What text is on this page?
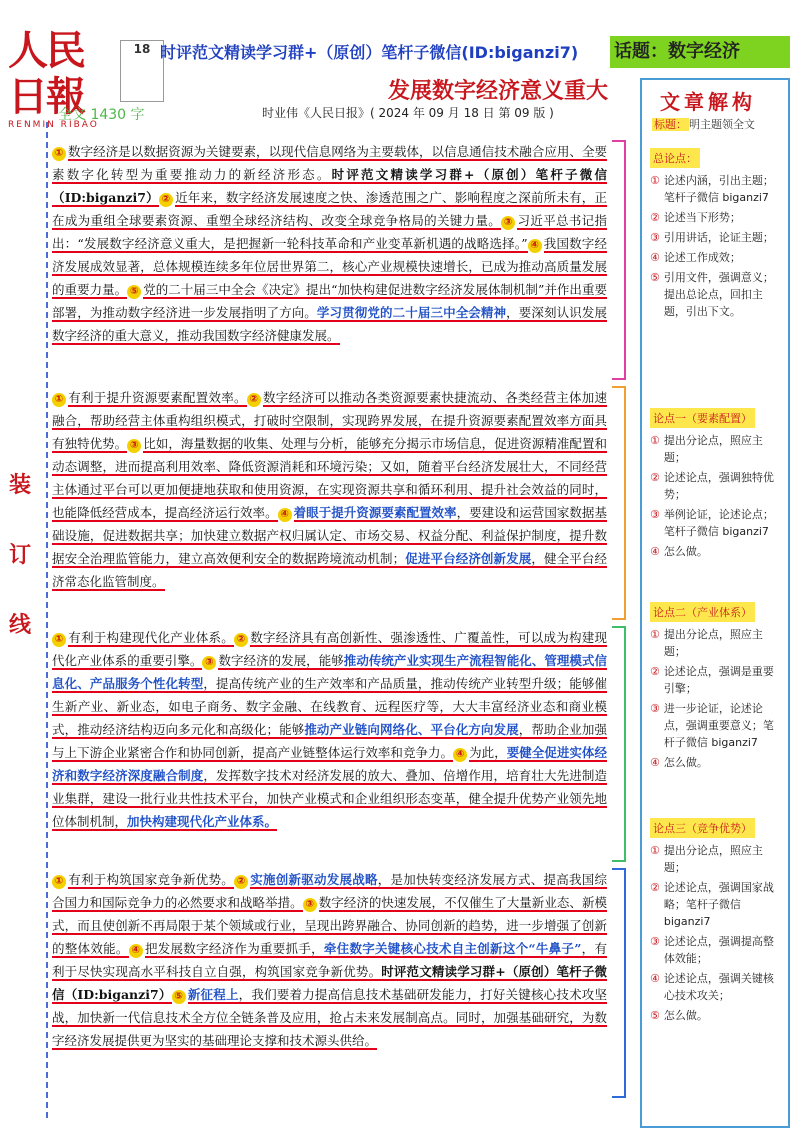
人民日報
RENMIN RIBAO
18 时评范文精读学习群+（原创）笔杆子微信(ID:biganzi7) 话题：数字经济
发展数字经济意义重大
全文 1430 字	时业伟《人民日报》( 2024 年 09 月 18 日 第 09 版 )
装
订
线
① 数字经济是以数据资源为关键要素，以现代信息网络为主要载体，以信息通信技术融合应用、全要素数字化转型为重要推动力的新经济形态。时评范文精读学习群+（原创）笔杆子微信（ID:biganzi7） ② 近年来，数字经济发展速度之快、渗透范围之广、影响程度之深前所未有，正在成为重组全球要素资源、重塑全球经济结构、改变全球竞争格局的关键力量。 ③ 习近平总书记指出：“发展数字经济意义重大，是把握新一轮科技革命和产业变革新机遇的战略选择。” ④ 我国数字经济发展成效显著，总体规模连续多年位居世界第二，核心产业规模快速增长，已成为推动高质量发展的重要力量。 ⑤ 党的二十届三中全会《决定》提出“加快构建促进数字经济发展体制机制”并作出重要部署，为推动数字经济进一步发展指明了方向。学习贯彻党的二十届三中全会精神，要深刻认识发展数字经济的重大意义，推动我国数字经济健康发展。
① 有利于提升资源要素配置效率。 ② 数字经济可以推动各类资源要素快捷流动、各类经营主体加速融合，帮助经营主体重构组织模式，打破时空限制，实现跨界发展，在提升资源要素配置效率方面具有独特优势。 ③ 比如，海量数据的收集、处理与分析，能够充分揭示市场信息，促进资源精准配置和动态调整，进而提高利用效率、降低资源消耗和环境污染；又如，随着平台经济发展壮大，不同经营主体通过平台可以更加便捷地获取和使用资源，在实现资源共享和循环利用、提升社会效益的同时，也能降低经营成本，提高经济运行效率。 ④ 着眼于提升资源要素配置效率，要建设和运营国家数据基础设施，促进数据共享；加快建立数据产权归属认定、市场交易、权益分配、利益保护制度，提升数据安全治理监管能力，建立高效便利安全的数据跨境流动机制；促进平台经济创新发展，健全平台经济常态化监管制度。
① 有利于构建现代化产业体系。 ② 数字经济具有高创新性、强渗透性、广覆盖性，可以成为构建现代化产业体系的重要引擎。 ③ 数字经济的发展，能够推动传统产业实现生产流程智能化、管理模式信息化、产品服务个性化转型，提高传统产业的生产效率和产品质量，推动传统产业转型升级；能够催生新产业、新业态，如电子商务、数字金融、在线教育、远程医疗等，大大丰富经济业态和商业模式，推动经济结构迈向多元化和高级化；能够推动产业链向网络化、平台化方向发展，帮助企业加强与上下游企业紧密合作和协同创新，提高产业链整体运行效率和竞争力。 ④ 为此，要健全促进实体经济和数字经济深度融合制度，发挥数字技术对经济发展的放大、叠加、倍增作用，培育壮大先进制造业集群，建设一批行业共性技术平台，加快产业模式和企业组织形态变革，健全提升优势产业领先地位体制机制，加快构建现代化产业体系。
① 有利于构筑国家竞争新优势。 ② 实施创新驱动发展战略，是加快转变经济发展方式、提高我国综合国力和国际竞争力的必然要求和战略举措。 ③ 数字经济的快速发展，不仅催生了大量新业态、新模式，而且使创新不再局限于某个领域或行业，呈现出跨界融合、协同创新的趋势，进一步增强了创新的整体效能。 ④ 把发展数字经济作为重要抓手，牵住数字关键核心技术自主创新这个“牛鼻子”，有利于尽快实现高水平科技自立自强，构筑国家竞争新优势。时评范文精读学习群+（原创）笔杆子微信（ID:biganzi7） ⑤ 新征程上，我们要着力提高信息技术基础研发能力，打好关键核心技术攻坚战，加快新一代信息技术全方位全链条普及应用，抢占未来发展制高点。同时，加强基础研究，为数字经济发展提供更为坚实的基础理论支撑和技术源头供给。
文章解构
标题： 明主题领全文
总论点：
① 论述内涵，引出主题；笔杆子微信 biganzi7
② 论述当下形势；
③ 引用讲话，论证主题；
④ 论述工作成效；
⑤ 引用文件，强调意义；提出总论点，回扣主题，引出下文。
论点一（要素配置）
① 提出分论点，照应主题；
② 论述论点，强调独特优势；
③ 举例论证，论述论点；笔杆子微信 biganzi7
④ 怎么做。
论点二（产业体系）
① 提出分论点，照应主题；
② 论述论点，强调是重要引擎；
③ 进一步论证，论述论点，强调重要意义；笔杆子微信 biganzi7
④ 怎么做。
论点三（竞争优势）
① 提出分论点，照应主题；
② 论述论点，强调国家战略；笔杆子微信 biganzi7
③ 论述论点，强调提高整体效能；
④ 论述论点，强调关键核心技术攻关；
⑤ 怎么做。
